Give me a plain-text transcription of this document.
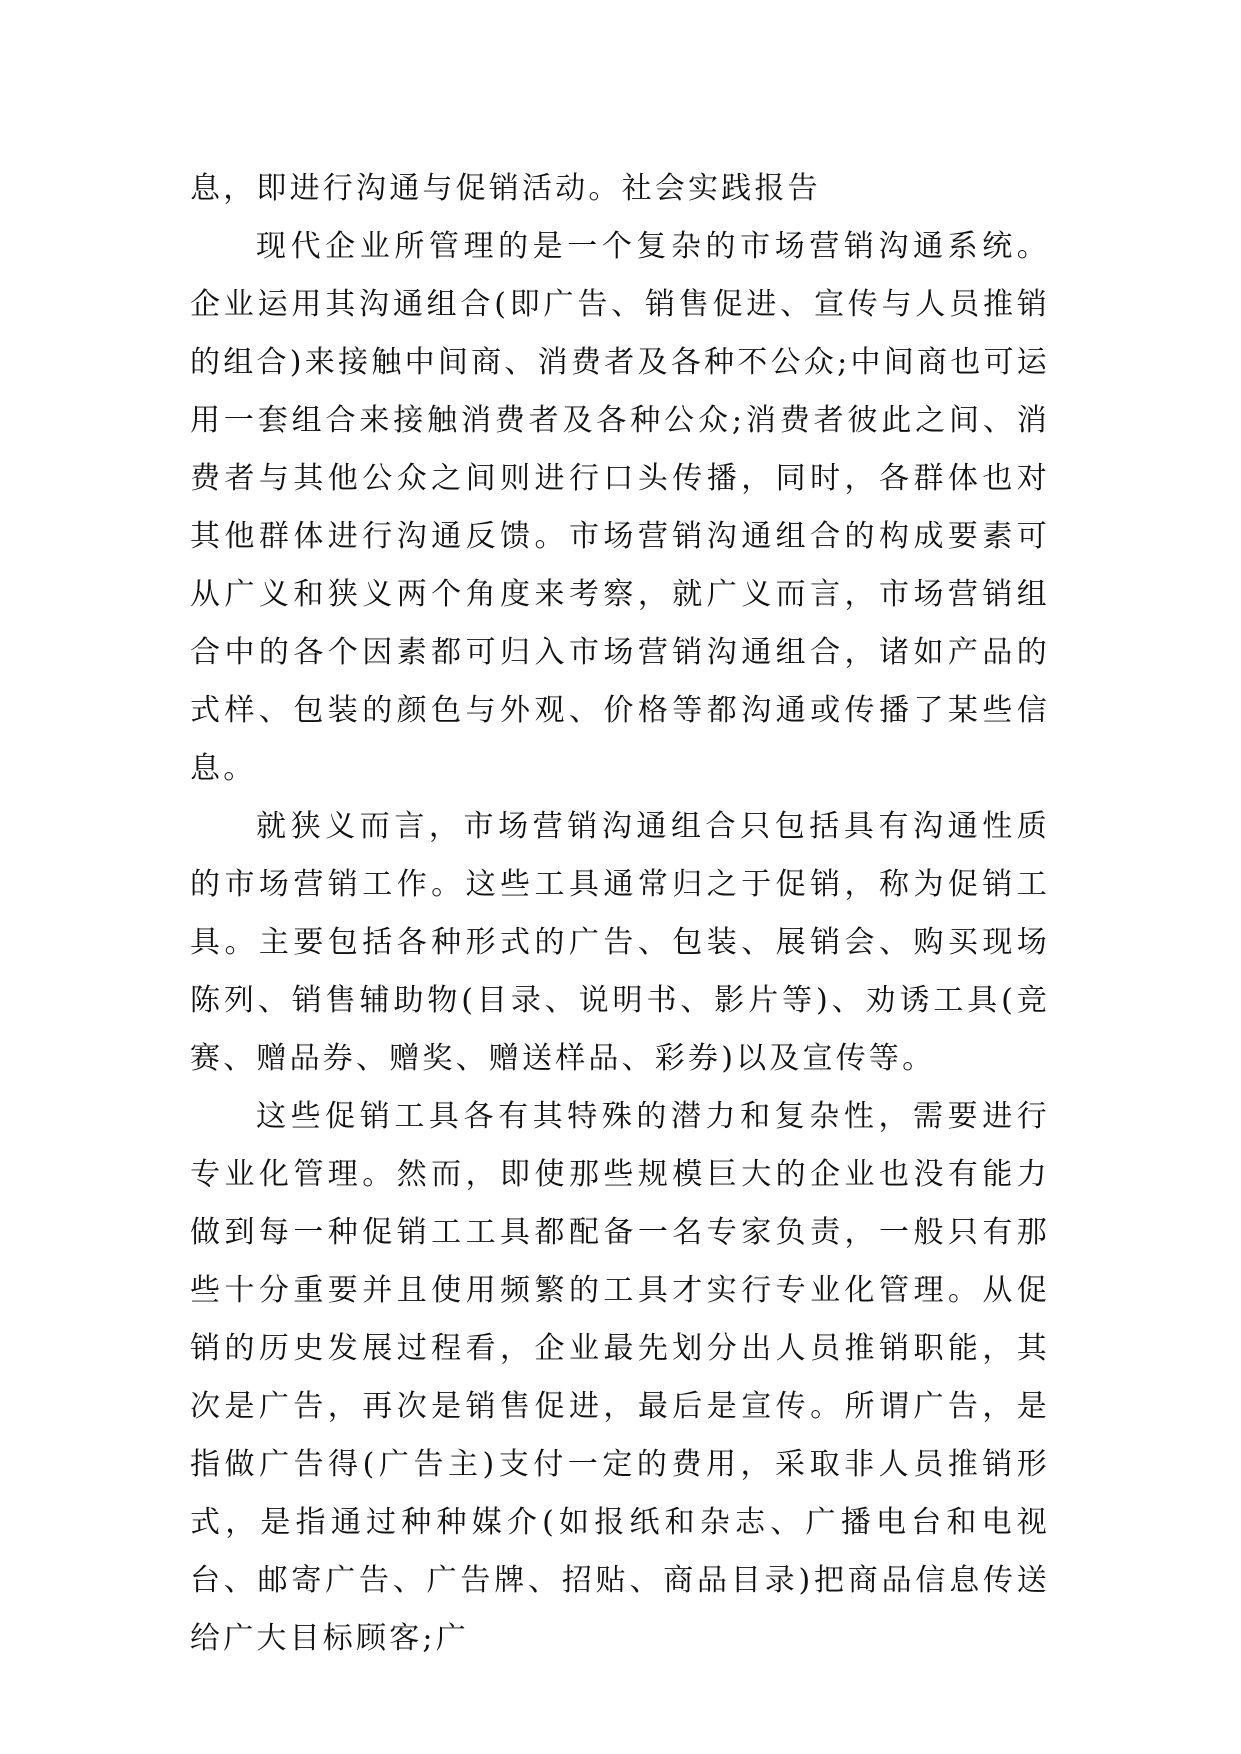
息，即进行沟通与促销活动。社会实践报告

现代企业所管理的是一个复杂的市场营销沟通系统。企业运用其沟通组合(即广告、销售促进、宣传与人员推销的组合)来接触中间商、消费者及各种不公众;中间商也可运用一套组合来接触消费者及各种公众;消费者彼此之间、消费者与其他公众之间则进行口头传播，同时，各群体也对其他群体进行沟通反馈。市场营销沟通组合的构成要素可从广义和狭义两个角度来考察，就广义而言，市场营销组合中的各个因素都可归入市场营销沟通组合，诸如产品的式样、包装的颜色与外观、价格等都沟通或传播了某些信息。

就狭义而言，市场营销沟通组合只包括具有沟通性质的市场营销工作。这些工具通常归之于促销，称为促销工具。主要包括各种形式的广告、包装、展销会、购买现场陈列、销售辅助物(目录、说明书、影片等)、劝诱工具(竞赛、赠品券、赠奖、赠送样品、彩券)以及宣传等。

这些促销工具各有其特殊的潜力和复杂性，需要进行专业化管理。然而，即使那些规模巨大的企业也没有能力做到每一种促销工工具都配备一名专家负责，一般只有那些十分重要并且使用频繁的工具才实行专业化管理。从促销的历史发展过程看，企业最先划分出人员推销职能，其次是广告，再次是销售促进，最后是宣传。所谓广告，是指做广告得(广告主)支付一定的费用，采取非人员推销形式，是指通过种种媒介(如报纸和杂志、广播电台和电视台、邮寄广告、广告牌、招贴、商品目录)把商品信息传送给广大目标顾客;广
